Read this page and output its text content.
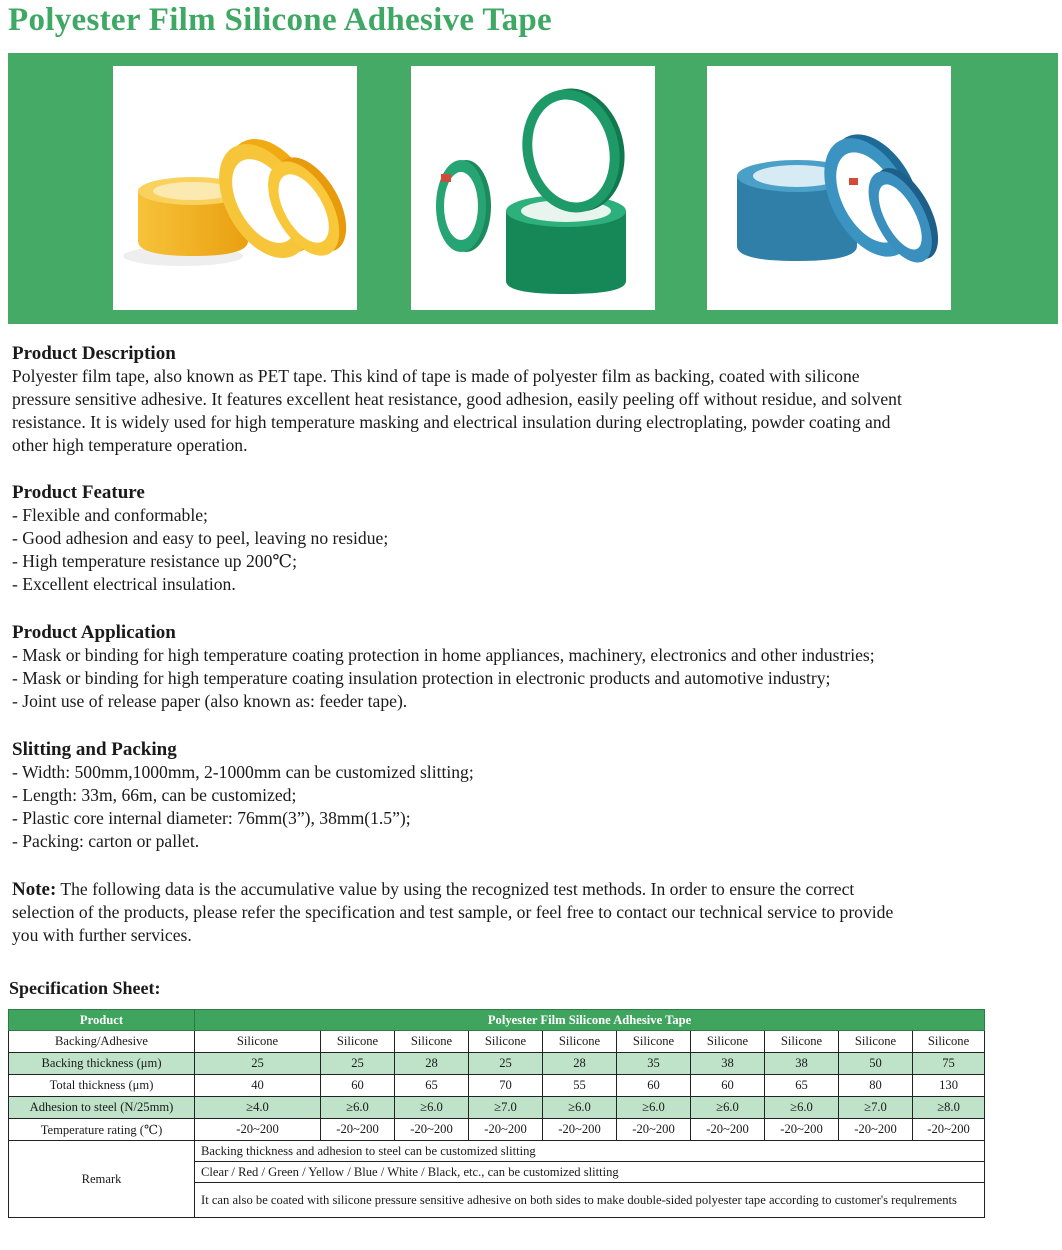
Polyester Film Silicone Adhesive Tape

Product Description

Polyester film tape, also known as PET tape. This kind of tape is made of polyester film as backing, coated with silicone

pressure sensitive adhesive. It features excellent heat resistance, good adhesion, easily peeling off without residue, and solvent

resistance. It is widely used for high temperature masking and electrical insulation during electroplating, powder coating and

other high temperature operation.

Product Feature

- Flexible and conformable;
- Good adhesion and easy to peel, leaving no residue;
- High temperature resistance up 200℃;
- Excellent electrical insulation.

Product Application

- Mask or binding for high temperature coating protection in home appliances, machinery, electronics and other industries;
- Mask or binding for high temperature coating insulation protection in electronic products and automotive industry;
- Joint use of release paper (also known as: feeder tape).

Slitting and Packing

- Width: 500mm,1000mm, 2-1000mm can be customized slitting;
- Length: 33m, 66m, can be customized;
- Plastic core internal diameter: 76mm(3”), 38mm(1.5”);
- Packing: carton or pallet.

Note: The following data is the accumulative value by using the recognized test methods. In order to ensure the correct

selection of the products, please refer the specification and test sample, or feel free to contact our technical service to provide

you with further services.

Specification Sheet:

Product	Polyester Film Silicone Adhesive Tape									
Backing/Adhesive	Silicone	Silicone	Silicone	Silicone	Silicone	Silicone	Silicone	Silicone	Silicone	Silicone
Backing thickness (μm)	25	25	28	25	28	35	38	38	50	75
Total thickness (μm)	40	60	65	70	55	60	60	65	80	130
Adhesion to steel (N/25mm)	≥4.0	≥6.0	≥6.0	≥7.0	≥6.0	≥6.0	≥6.0	≥6.0	≥7.0	≥8.0
Temperature rating (℃)	-20~200	-20~200	-20~200	-20~200	-20~200	-20~200	-20~200	-20~200	-20~200	-20~200
Remark	Backing thickness and adhesion to steel can be customized slitting									
	Clear / Red / Green / Yellow / Blue / White / Black, etc., can be customized slitting									
	It can also be coated with silicone pressure sensitive adhesive on both sides to make double-sided polyester tape according to customer's requlrements									
